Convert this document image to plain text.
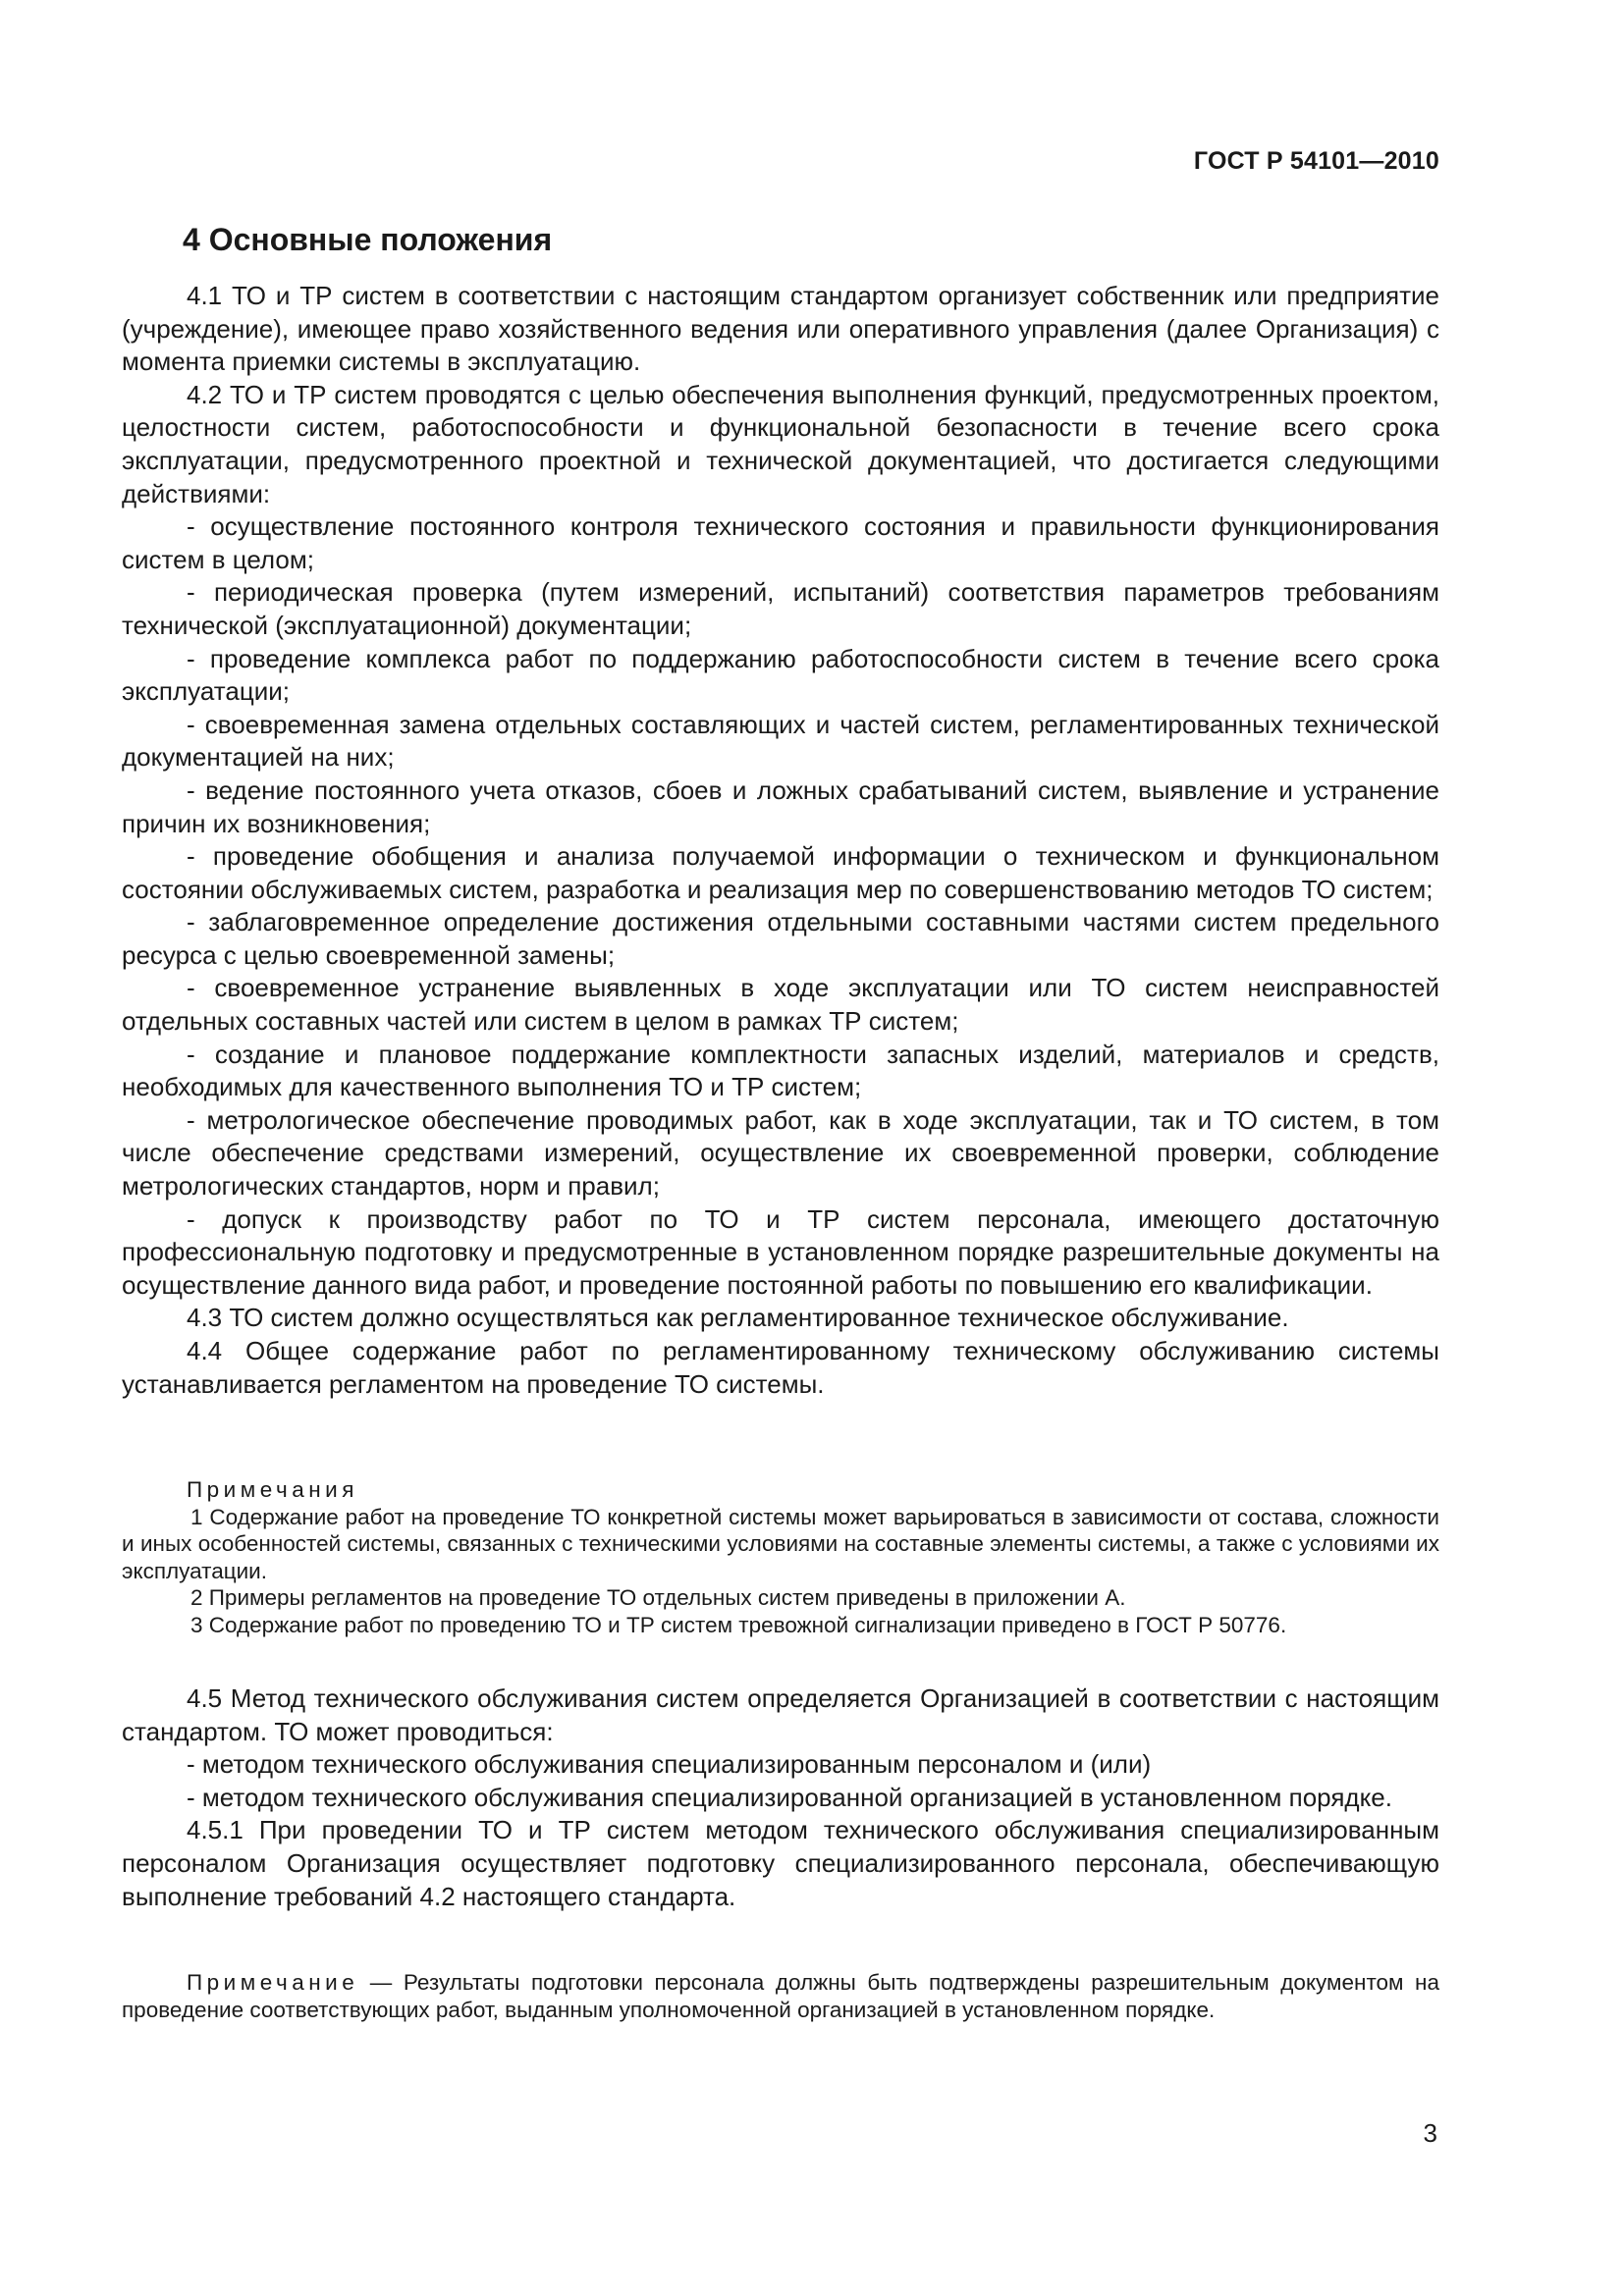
ГОСТ Р 54101—2010
4 Основные положения

4.1 ТО и ТР систем в соответствии с настоящим стандартом организует собственник или предприятие (учреждение), имеющее право хозяйственного ведения или оперативного управления (далее Организация) с момента приемки системы в эксплуатацию.

4.2 ТО и ТР систем проводятся с целью обеспечения выполнения функций, предусмотренных проектом, целостности систем, работоспособности и функциональной безопасности в течение всего срока эксплуатации, предусмотренного проектной и технической документацией, что достигается следующими действиями:

- осуществление постоянного контроля технического состояния и правильности функционирования систем в целом;

- периодическая проверка (путем измерений, испытаний) соответствия параметров требованиям технической (эксплуатационной) документации;

- проведение комплекса работ по поддержанию работоспособности систем в течение всего срока эксплуатации;

- своевременная замена отдельных составляющих и частей систем, регламентированных технической документацией на них;

- ведение постоянного учета отказов, сбоев и ложных срабатываний систем, выявление и устранение причин их возникновения;

- проведение обобщения и анализа получаемой информации о техническом и функциональном состоянии обслуживаемых систем, разработка и реализация мер по совершенствованию методов ТО систем;

- заблаговременное определение достижения отдельными составными частями систем предельного ресурса с целью своевременной замены;

- своевременное устранение выявленных в ходе эксплуатации или ТО систем неисправностей отдельных составных частей или систем в целом в рамках ТР систем;

- создание и плановое поддержание комплектности запасных изделий, материалов и средств, необходимых для качественного выполнения ТО и ТР систем;

- метрологическое обеспечение проводимых работ, как в ходе эксплуатации, так и ТО систем, в том числе обеспечение средствами измерений, осуществление их своевременной проверки, соблюдение метрологических стандартов, норм и правил;

- допуск к производству работ по ТО и ТР систем персонала, имеющего достаточную профессиональную подготовку и предусмотренные в установленном порядке разрешительные документы на осуществление данного вида работ, и проведение постоянной работы по повышению его квалификации.

4.3 ТО систем должно осуществляться как регламентированное техническое обслуживание.

4.4 Общее содержание работ по регламентированному техническому обслуживанию системы устанавливается регламентом на проведение ТО системы.

Примечания

1 Содержание работ на проведение ТО конкретной системы может варьироваться в зависимости от состава, сложности и иных особенностей системы, связанных с техническими условиями на составные элементы системы, а также с условиями их эксплуатации.

2 Примеры регламентов на проведение ТО отдельных систем приведены в приложении А.

3 Содержание работ по проведению ТО и ТР систем тревожной сигнализации приведено в ГОСТ Р 50776.

4.5 Метод технического обслуживания систем определяется Организацией в соответствии с настоящим стандартом. ТО может проводиться:

- методом технического обслуживания специализированным персоналом и (или)

- методом технического обслуживания специализированной организацией в установленном порядке.

4.5.1 При проведении ТО и ТР систем методом технического обслуживания специализированным персоналом Организация осуществляет подготовку специализированного персонала, обеспечивающую выполнение требований 4.2 настоящего стандарта.

Примечание — Результаты подготовки персонала должны быть подтверждены разрешительным документом на проведение соответствующих работ, выданным уполномоченной организацией в установленном порядке.

3
